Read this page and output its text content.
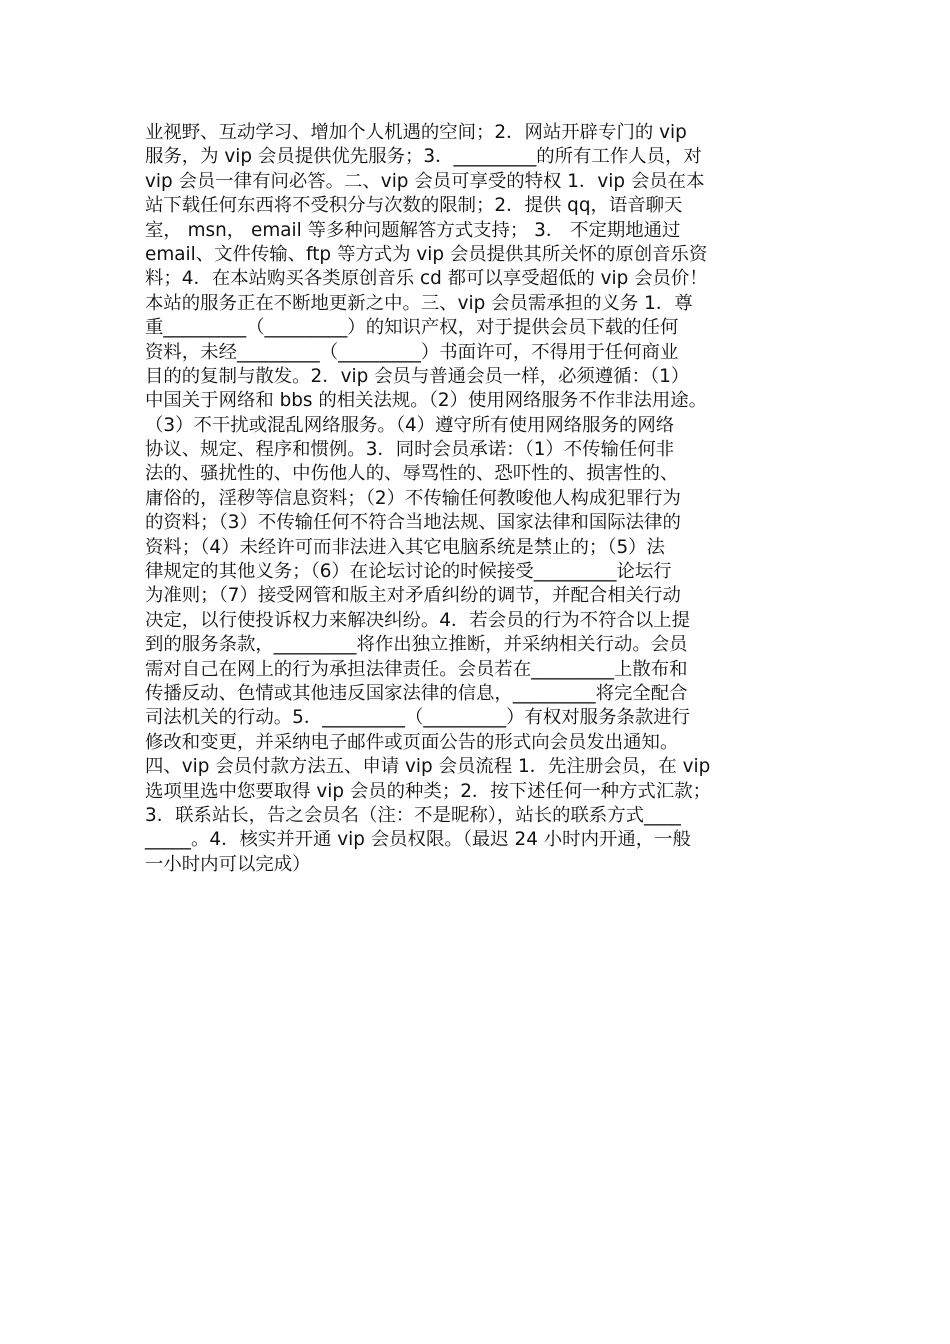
业视野、互动学习、增加个人机遇的空间；2．网站开辟专门的 vip
服务，为 vip 会员提供优先服务；3．_________的所有工作人员，对
vip 会员一律有问必答。二、vip 会员可享受的特权 1．vip 会员在本
站下载任何东西将不受积分与次数的限制；2．提供 qq，语音聊天
室， msn， email 等多种问题解答方式支持； 3． 不定期地通过
email、文件传输、ftp 等方式为 vip 会员提供其所关怀的原创音乐资
料；4．在本站购买各类原创音乐 cd 都可以享受超低的 vip 会员价！
本站的服务正在不断地更新之中。三、vip 会员需承担的义务 1．尊
重_________（_________）的知识产权，对于提供会员下载的任何
资料，未经_________（_________）书面许可，不得用于任何商业
目的的复制与散发。2．vip 会员与普通会员一样，必须遵循：（1）
中国关于网络和 bbs 的相关法规。（2）使用网络服务不作非法用途。
（3）不干扰或混乱网络服务。（4）遵守所有使用网络服务的网络
协议、规定、程序和惯例。3．同时会员承诺：（1）不传输任何非
法的、骚扰性的、中伤他人的、辱骂性的、恐吓性的、损害性的、
庸俗的，淫秽等信息资料；（2）不传输任何教唆他人构成犯罪行为
的资料；（3）不传输任何不符合当地法规、国家法律和国际法律的
资料；（4）未经许可而非法进入其它电脑系统是禁止的；（5）法
律规定的其他义务；（6）在论坛讨论的时候接受_________论坛行
为准则；（7）接受网管和版主对矛盾纠纷的调节，并配合相关行动
决定，以行使投诉权力来解决纠纷。4．若会员的行为不符合以上提
到的服务条款，_________将作出独立推断，并采纳相关行动。会员
需对自己在网上的行为承担法律责任。会员若在_________上散布和
传播反动、色情或其他违反国家法律的信息，_________将完全配合
司法机关的行动。5．_________（_________）有权对服务条款进行
修改和变更，并采纳电子邮件或页面公告的形式向会员发出通知。
四、vip 会员付款方法五、申请 vip 会员流程 1．先注册会员，在 vip
选项里选中您要取得 vip 会员的种类；2．按下述任何一种方式汇款；
3．联系站长，告之会员名（注：不是昵称），站长的联系方式____
_____。4．核实并开通 vip 会员权限。（最迟 24 小时内开通，一般
一小时内可以完成）
